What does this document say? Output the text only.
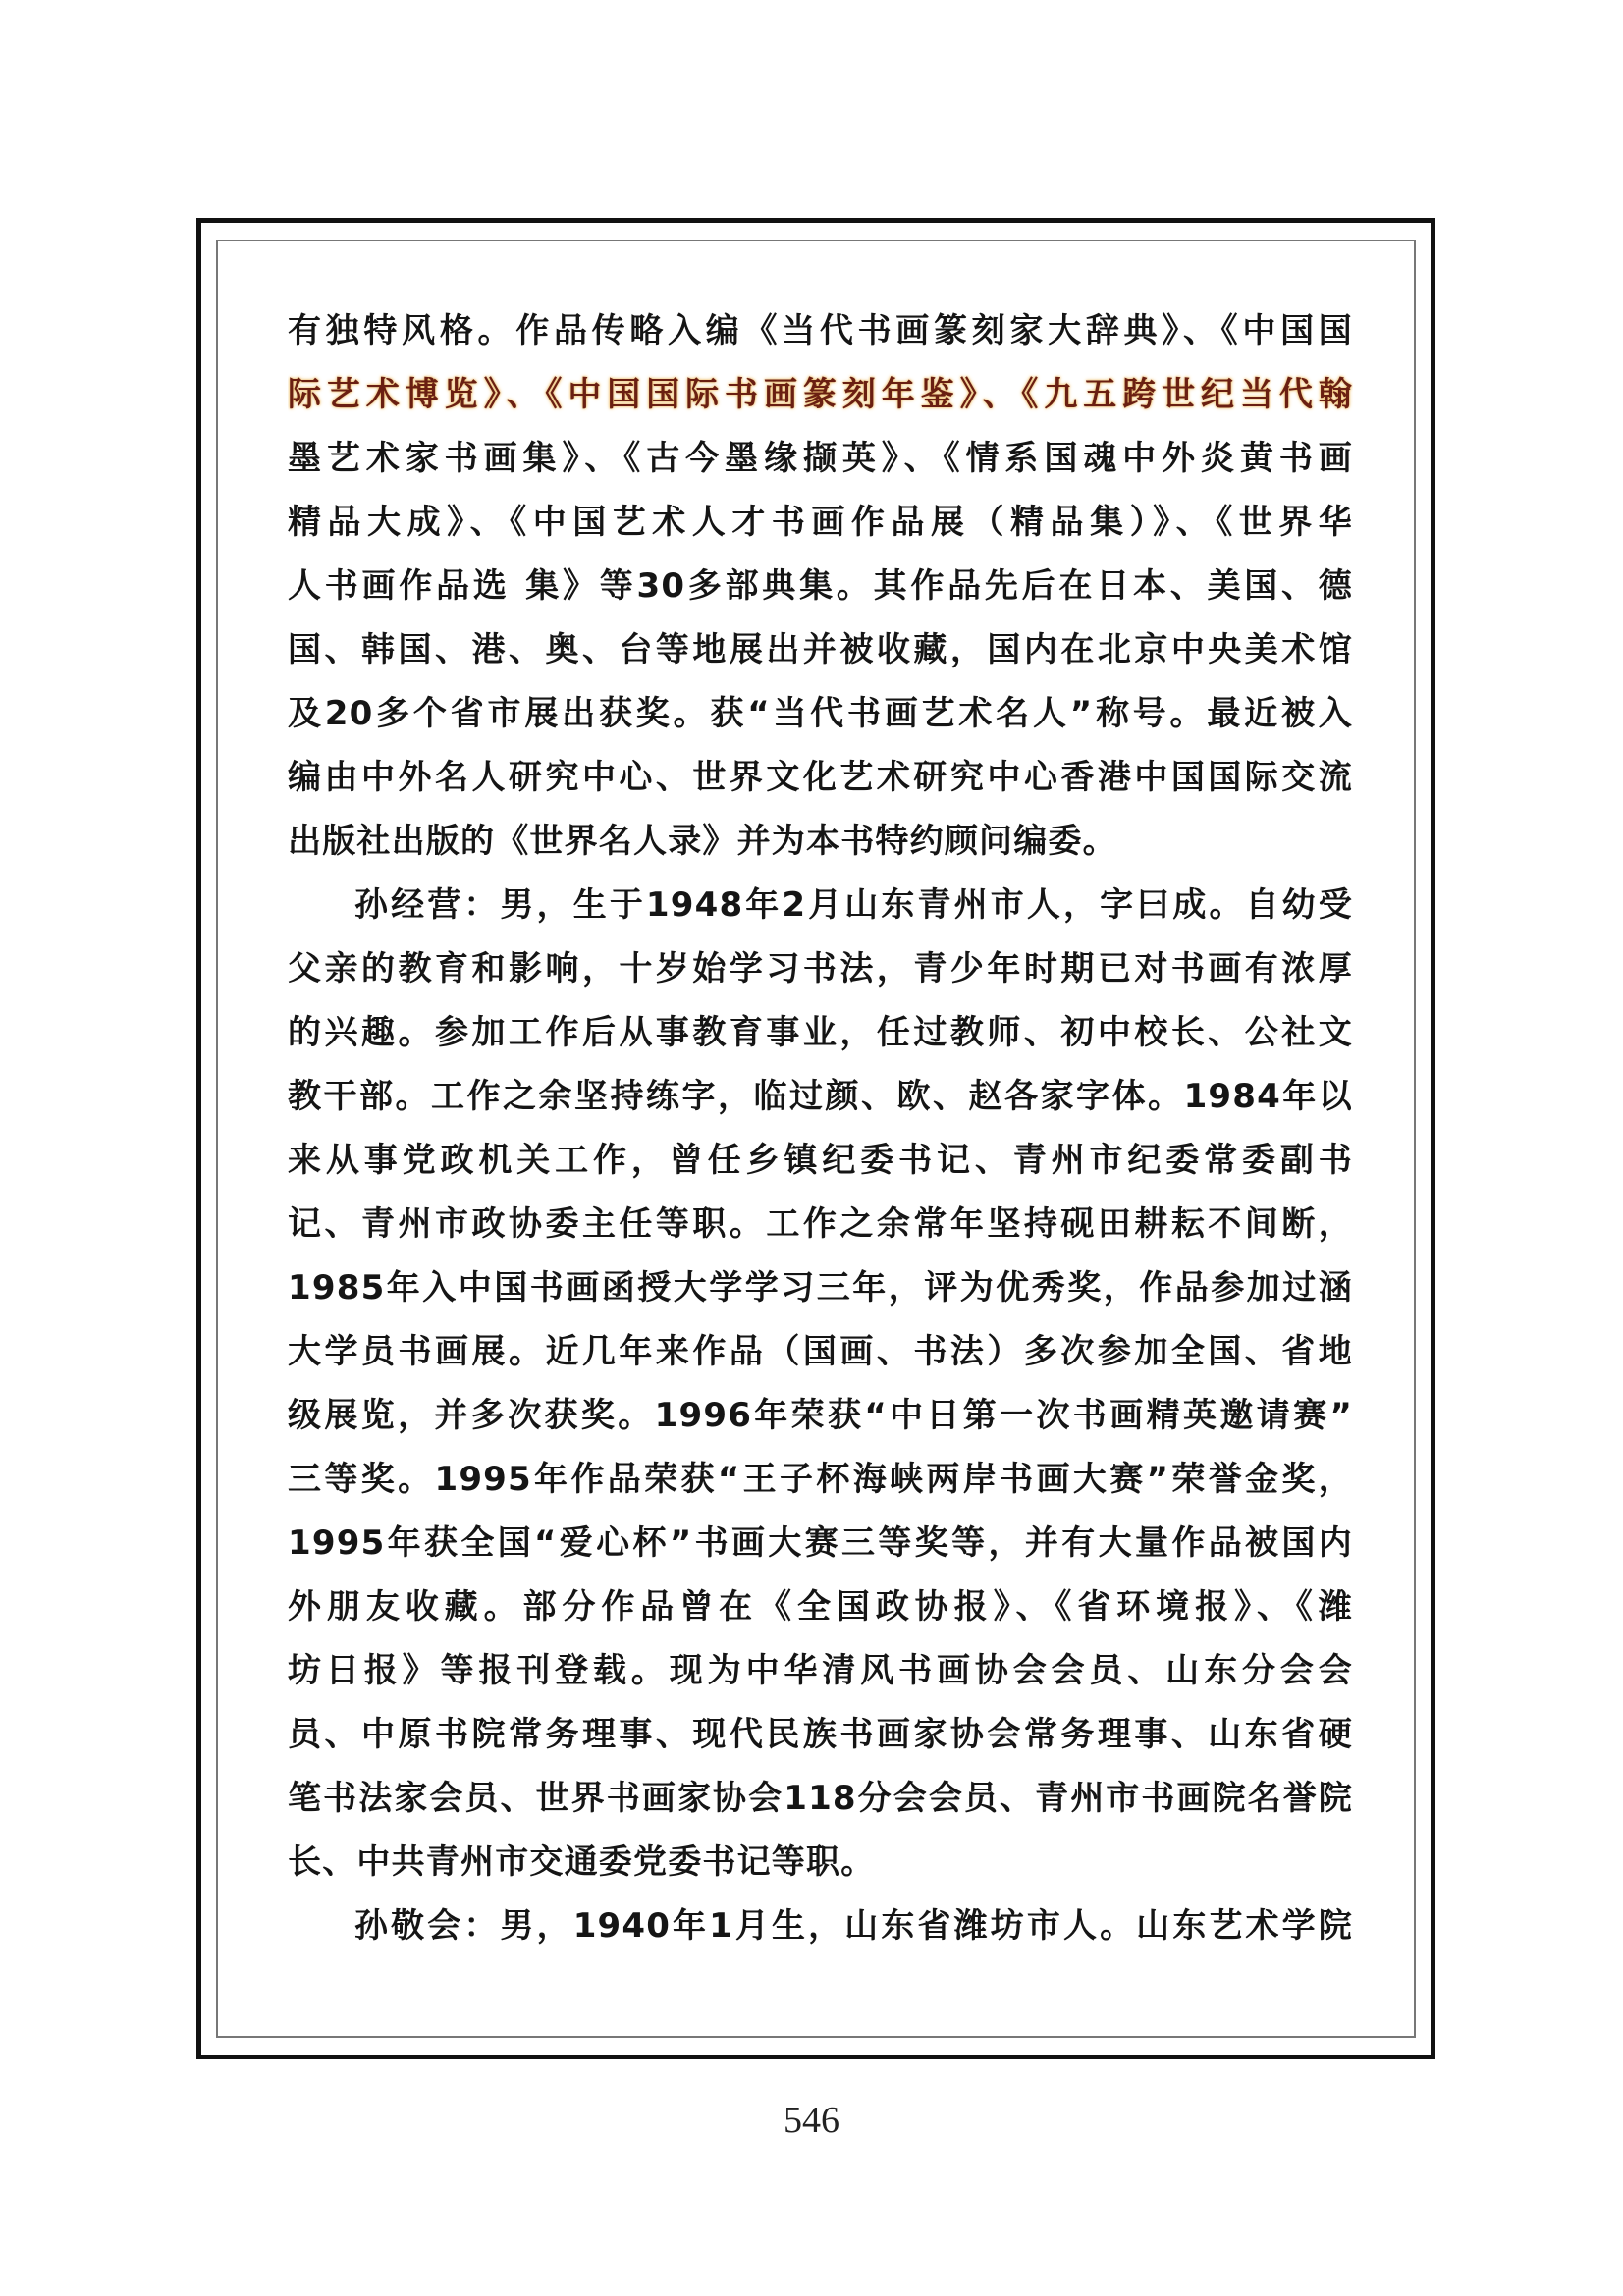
有独特风格。作品传略入编《当代书画篆刻家大辞典》、《中国国
际艺术博览》、《中国国际书画篆刻年鉴》、《九五跨世纪当代翰
墨艺术家书画集》、《古今墨缘撷英》、《情系国魂中外炎黄书画
精品大成》、《中国艺术人才书画作品展（精品集）》、《世界华
人书画作品选 集》等30多部典集。其作品先后在日本、美国、德
国、韩国、港、奥、台等地展出并被收藏，国内在北京中央美术馆
及20多个省市展出获奖。获“当代书画艺术名人”称号。最近被入
编由中外名人研究中心、世界文化艺术研究中心香港中国国际交流
出版社出版的《世界名人录》并为本书特约顾问编委。
孙经营：男，生于1948年2月山东青州市人，字曰成。自幼受
父亲的教育和影响，十岁始学习书法，青少年时期已对书画有浓厚
的兴趣。参加工作后从事教育事业，任过教师、初中校长、公社文
教干部。工作之余坚持练字，临过颜、欧、赵各家字体。1984年以
来从事党政机关工作，曾任乡镇纪委书记、青州市纪委常委副书
记、青州市政协委主任等职。工作之余常年坚持砚田耕耘不间断，
1985年入中国书画函授大学学习三年，评为优秀奖，作品参加过涵
大学员书画展。近几年来作品（国画、书法）多次参加全国、省地
级展览，并多次获奖。1996年荣获“中日第一次书画精英邀请赛”
三等奖。1995年作品荣获“王子杯海峡两岸书画大赛”荣誉金奖，
1995年获全国“爱心杯”书画大赛三等奖等，并有大量作品被国内
外朋友收藏。部分作品曾在《全国政协报》、《省环境报》、《潍
坊日报》等报刊登载。现为中华清风书画协会会员、山东分会会
员、中原书院常务理事、现代民族书画家协会常务理事、山东省硬
笔书法家会员、世界书画家协会118分会会员、青州市书画院名誉院
长、中共青州市交通委党委书记等职。
孙敬会：男，1940年1月生，山东省潍坊市人。山东艺术学院
546
